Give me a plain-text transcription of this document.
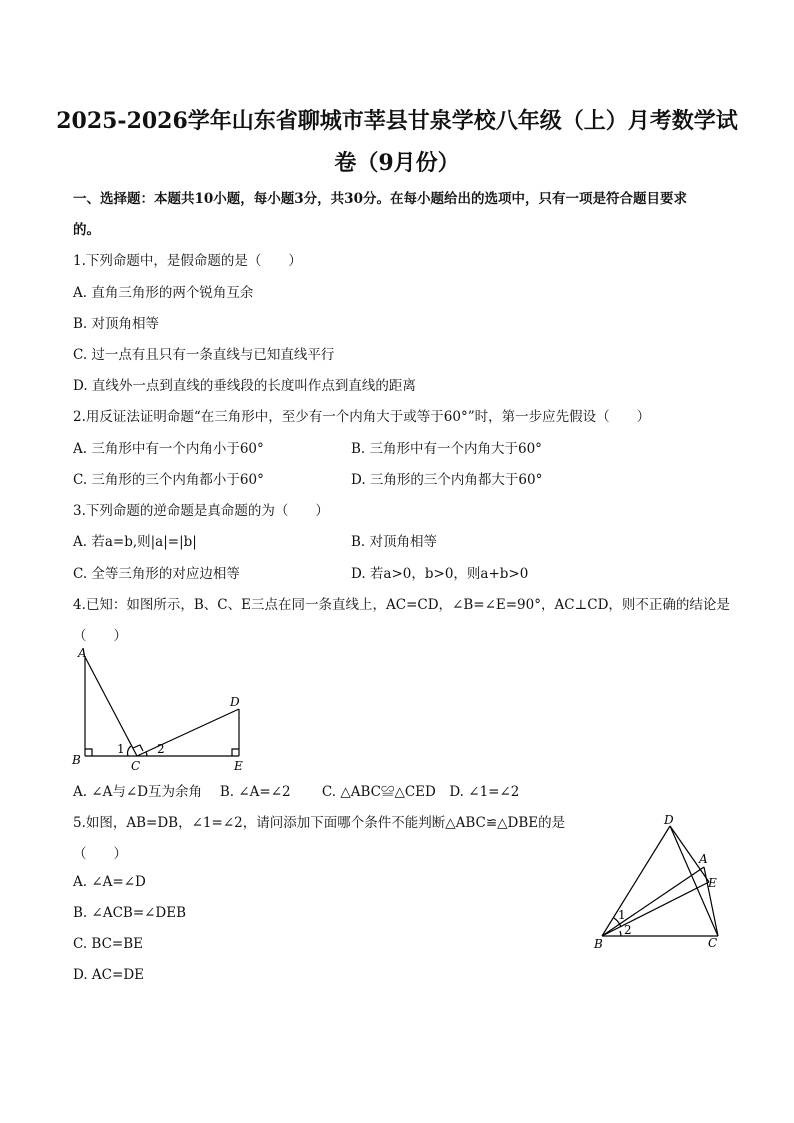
2025-2026学年山东省聊城市莘县甘泉学校八年级（上）月考数学试
卷（9月份）
一、选择题：本题共10小题，每小题3分，共30分。在每小题给出的选项中，只有一项是符合题目要求
的。
1.下列命题中，是假命题的是（　　）
A. 直角三角形的两个锐角互余
B. 对顶角相等
C. 过一点有且只有一条直线与已知直线平行
D. 直线外一点到直线的垂线段的长度叫作点到直线的距离
2.用反证法证明命题“在三角形中，至少有一个内角大于或等于60°”时，第一步应先假设（　　）
A. 三角形中有一个内角小于60°	B. 三角形中有一个内角大于60°
C. 三角形的三个内角都小于60°	D. 三角形的三个内角都大于60°
3.下列命题的逆命题是真命题的为（　　）
A. 若a=b,则|a|=|b|	B. 对顶角相等
C. 全等三角形的对应边相等	D. 若a>0，b>0，则a+b>0
4.已知：如图所示，B、C、E三点在同一条直线上，AC=CD，∠B=∠E=90°，AC⊥CD，则不正确的结论是
（　　）
A
B	C
D
E
1	2
A. ∠A与∠D互为余角　 B. ∠A=∠2　　 C. △ABC≌△CED　D. ∠1=∠2
5.如图，AB=DB，∠1=∠2，请问添加下面哪个条件不能判断△ABC≌△DBE的是
（　　）
A. ∠A=∠D
B. ∠ACB=∠DEB
C. BC=BE
D. AC=DE
D
A
E
B	C
1
2
